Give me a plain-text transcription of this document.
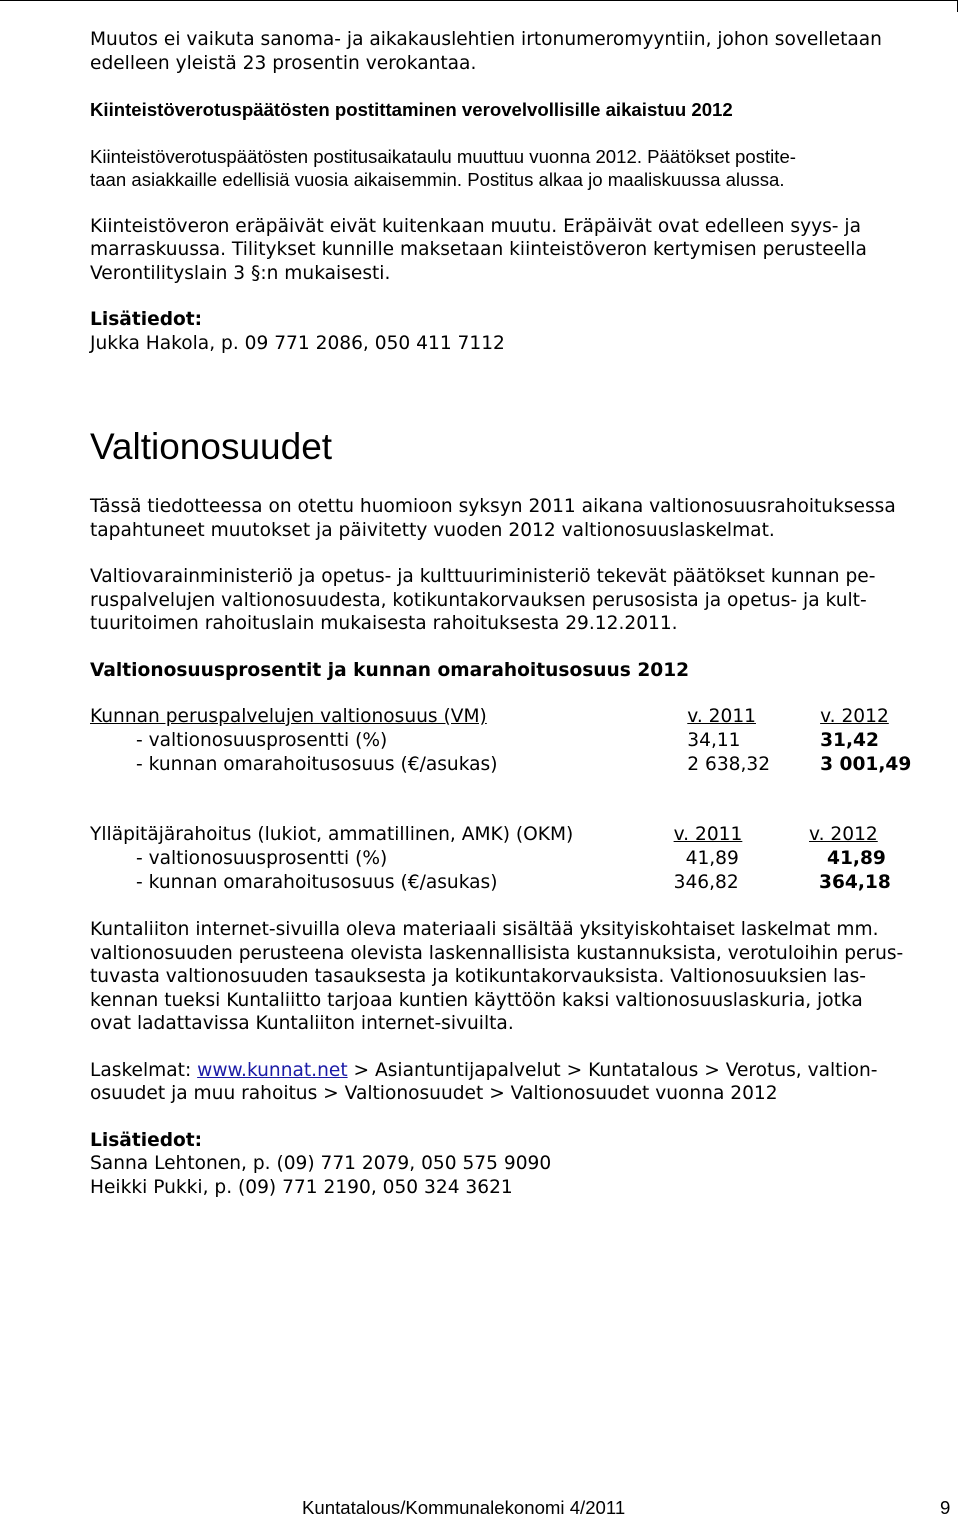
Muutos ei vaikuta sanoma- ja aikakauslehtien irtonumeromyyntiin, johon sovelletaan edelleen yleistä 23 prosentin verokantaa.

Kiinteistöverotuspäätösten postittaminen verovelvollisille aikaistuu 2012

Kiinteistöverotuspäätösten postitusaikataulu muuttuu vuonna 2012. Päätökset postite-

taan asiakkaille edellisiä vuosia aikaisemmin. Postitus alkaa jo maaliskuussa alussa.

Kiinteistöveron eräpäivät eivät kuitenkaan muutu. Eräpäivät ovat edelleen syys- ja

marraskuussa. Tilitykset kunnille maksetaan kiinteistöveron kertymisen perusteella

Verontilityslain 3 §:n mukaisesti.

Lisätiedot:

Jukka Hakola, p. 09 771 2086, 050 411 7112

Valtionosuudet

Tässä tiedotteessa on otettu huomioon syksyn 2011 aikana valtionosuusrahoituksessa

tapahtuneet muutokset ja päivitetty vuoden 2012 valtionosuuslaskelmat.

Valtiovarainministeriö ja opetus- ja kulttuuriministeriö tekevät päätökset kunnan pe-

ruspalvelujen valtionosuudesta, kotikuntakorvauksen perusosista ja opetus- ja kult-

tuuritoimen rahoituslain mukaisesta rahoituksesta 29.12.2011.

Valtionosuusprosentit ja kunnan omarahoitusosuus 2012

Kunnan peruspalvelujen valtionosuus (VM)	v. 2011	v. 2012
- valtionosuusprosentti (%)	34,11	31,42
- kunnan omarahoitusosuus (€/asukas)	2 638,32	3 001,49
Ylläpitäjärahoitus (lukiot, ammatillinen, AMK) (OKM)	v. 2011	v. 2012
- valtionosuusprosentti (%)	41,89	41,89
- kunnan omarahoitusosuus (€/asukas)	346,82	364,18

Kuntaliiton internet-sivuilla oleva materiaali sisältää yksityiskohtaiset laskelmat mm.

valtionosuuden perusteena olevista laskennallisista kustannuksista, verotuloihin perus-

tuvasta valtionosuuden tasauksesta ja kotikuntakorvauksista. Valtionosuuksien las-

kennan tueksi Kuntaliitto tarjoaa kuntien käyttöön kaksi valtionosuuslaskuria, jotka

ovat ladattavissa Kuntaliiton internet-sivuilta.

Laskelmat: www.kunnat.net > Asiantuntijapalvelut > Kuntatalous > Verotus, valtion-

osuudet ja muu rahoitus > Valtionosuudet > Valtionosuudet vuonna 2012

Lisätiedot:

Sanna Lehtonen, p. (09) 771 2079, 050 575 9090

Heikki Pukki, p. (09) 771 2190, 050 324 3621

Kuntatalous/Kommunalekonomi 4/2011	9
